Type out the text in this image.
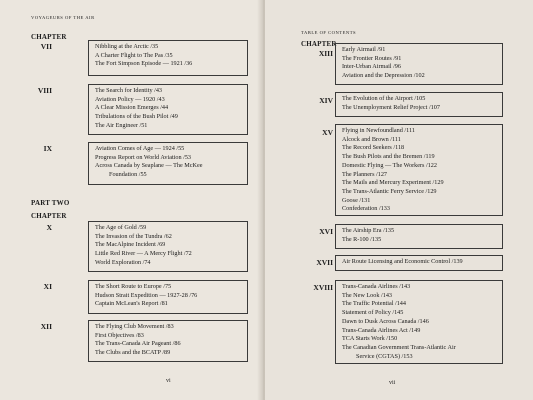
VOYAGEURS OF THE AIR
CHAPTER
VII	Nibbling at the Arctic /35
A Charter Flight to The Pas /35
The Fort Simpson Episode — 1921 /36
VIII	The Search for Identity /43
Aviation Policy — 1920 /43
A Clear Mission Emerges /44
Tribulations of the Bush Pilot /49
The Air Engineer /51
IX	Aviation Comes of Age — 1924 /55
Progress Report on World Aviation /53
Across Canada by Seaplane — The McKee
Foundation /55
PART TWO
CHAPTER
X	The Age of Gold /59
The Invasion of the Tundra /62
The MacAlpine Incident /69
Little Red River — A Mercy Flight /72
World Exploration /74
XI	The Short Route to Europe /75
Hudson Strait Expedition — 1927-28 /76
Captain McLean's Report /81
XII	The Flying Club Movement /83
First Objectives /83
The Trans-Canada Air Pageant /86
The Clubs and the BCATP /89
vi
TABLE OF CONTENTS
CHAPTER
XIII Early Airmail /91
The Frontier Routes /91
Inter-Urban Airmail /96
Aviation and the Depression /102
XIV The Evolution of the Airport /105
The Unemployment Relief Project /107
XV Flying in Newfoundland /111
Alcock and Brown /111
The Record Seekers /118
The Bush Pilots and the Bremen /119
Domestic Flying — The Workers /122
The Planners /127
The Mails and Mercury Experiment /129
The Trans-Atlantic Ferry Service /129
Goose /131
Confederation /133
XVI The Airship Era /135
The R-100 /135
XVII Air Route Licensing and Economic Control /139
XVIII Trans-Canada Airlines /143
The New Look /143
The Traffic Potential /144
Statement of Policy /145
Dawn to Dusk Across Canada /146
Trans-Canada Airlines Act /149
TCA Starts Work /150
The Canadian Government Trans-Atlantic Air
Service (CGTAS) /153
vii
